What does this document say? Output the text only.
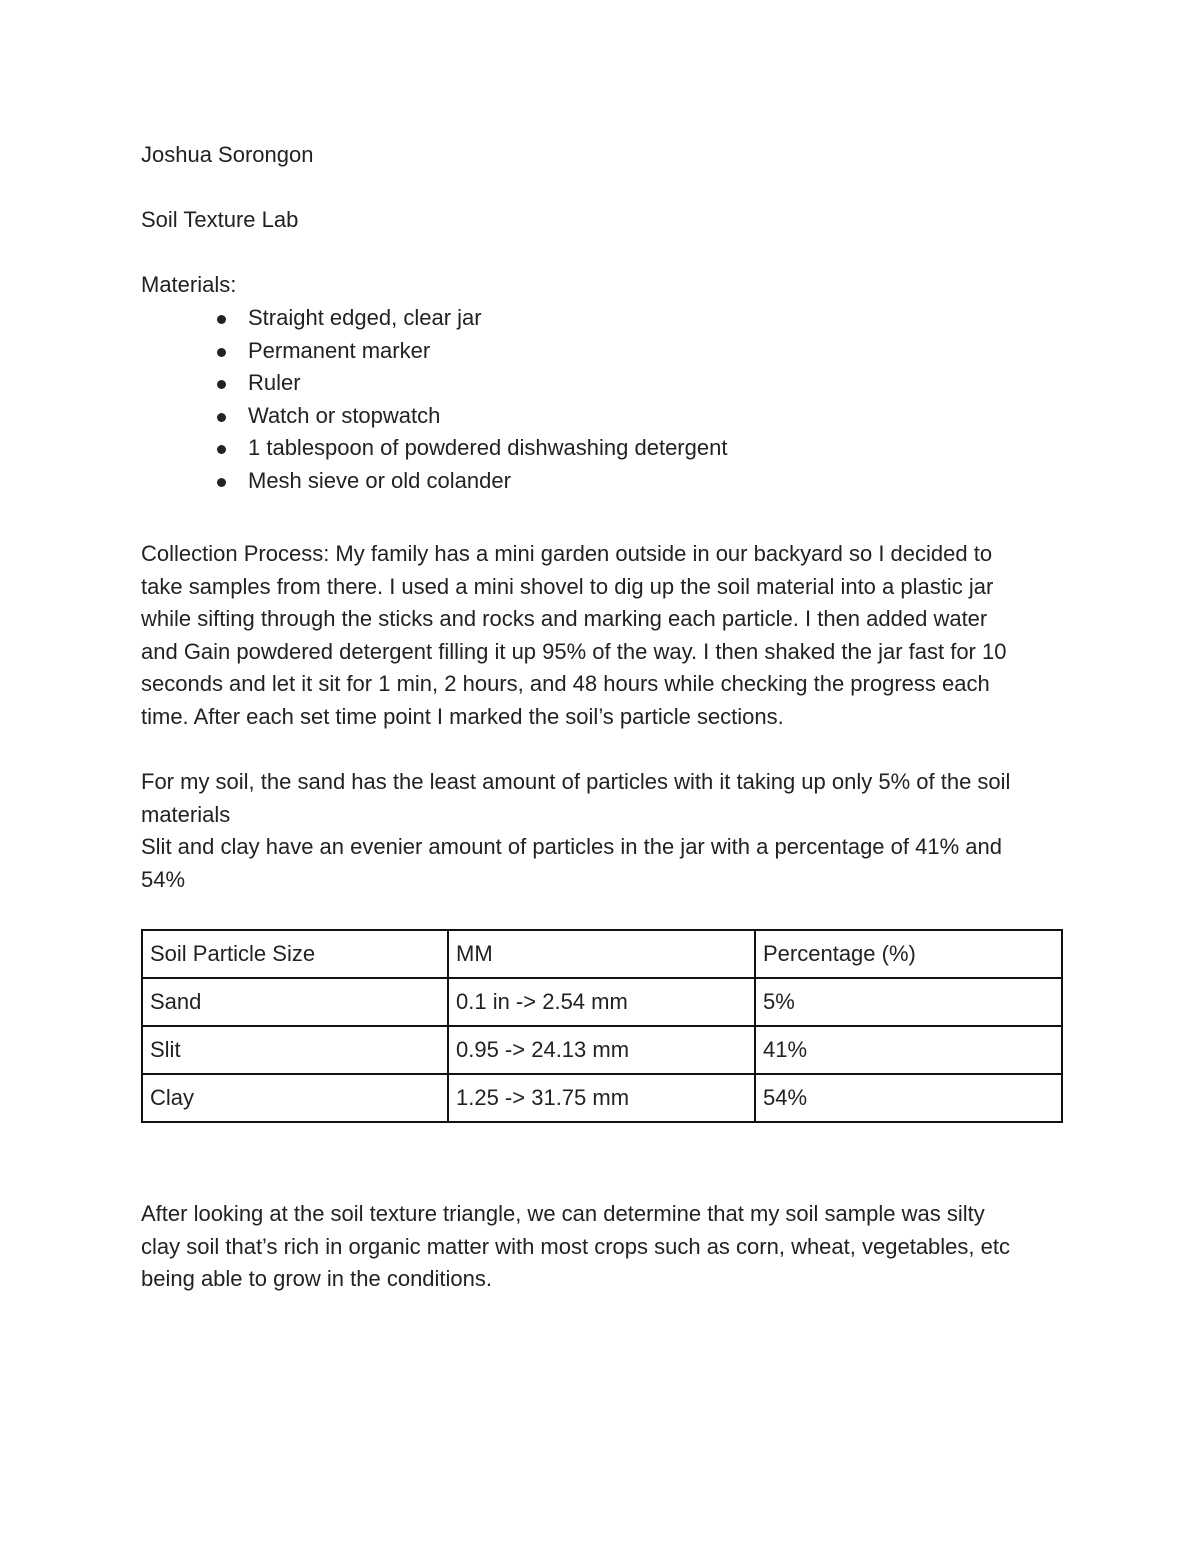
Joshua Sorongon

Soil Texture Lab

Materials:

Straight edged, clear jar
Permanent marker
Ruler
Watch or stopwatch
1 tablespoon of powdered dishwashing detergent
Mesh sieve or old colander
Collection Process: My family has a mini garden outside in our backyard so I decided to
take samples from there. I used a mini shovel to dig up the soil material into a plastic jar
while sifting through the sticks and rocks and marking each particle. I then added water
and Gain powdered detergent filling it up 95% of the way. I then shaked the jar fast for 10
seconds and let it sit for 1 min, 2 hours, and 48 hours while checking the progress each
time. After each set time point I marked the soil’s particle sections.
For my soil, the sand has the least amount of particles with it taking up only 5% of the soil
materials
Slit and clay have an evenier amount of particles in the jar with a percentage of 41% and
54%
Soil Particle Size	MM	Percentage (%)
Sand	0.1 in -> 2.54 mm	5%
Slit	0.95 -> 24.13 mm	41%
Clay	1.25 -> 31.75 mm	54%
After looking at the soil texture triangle, we can determine that my soil sample was silty
clay soil that’s rich in organic matter with most crops such as corn, wheat, vegetables, etc
being able to grow in the conditions.
